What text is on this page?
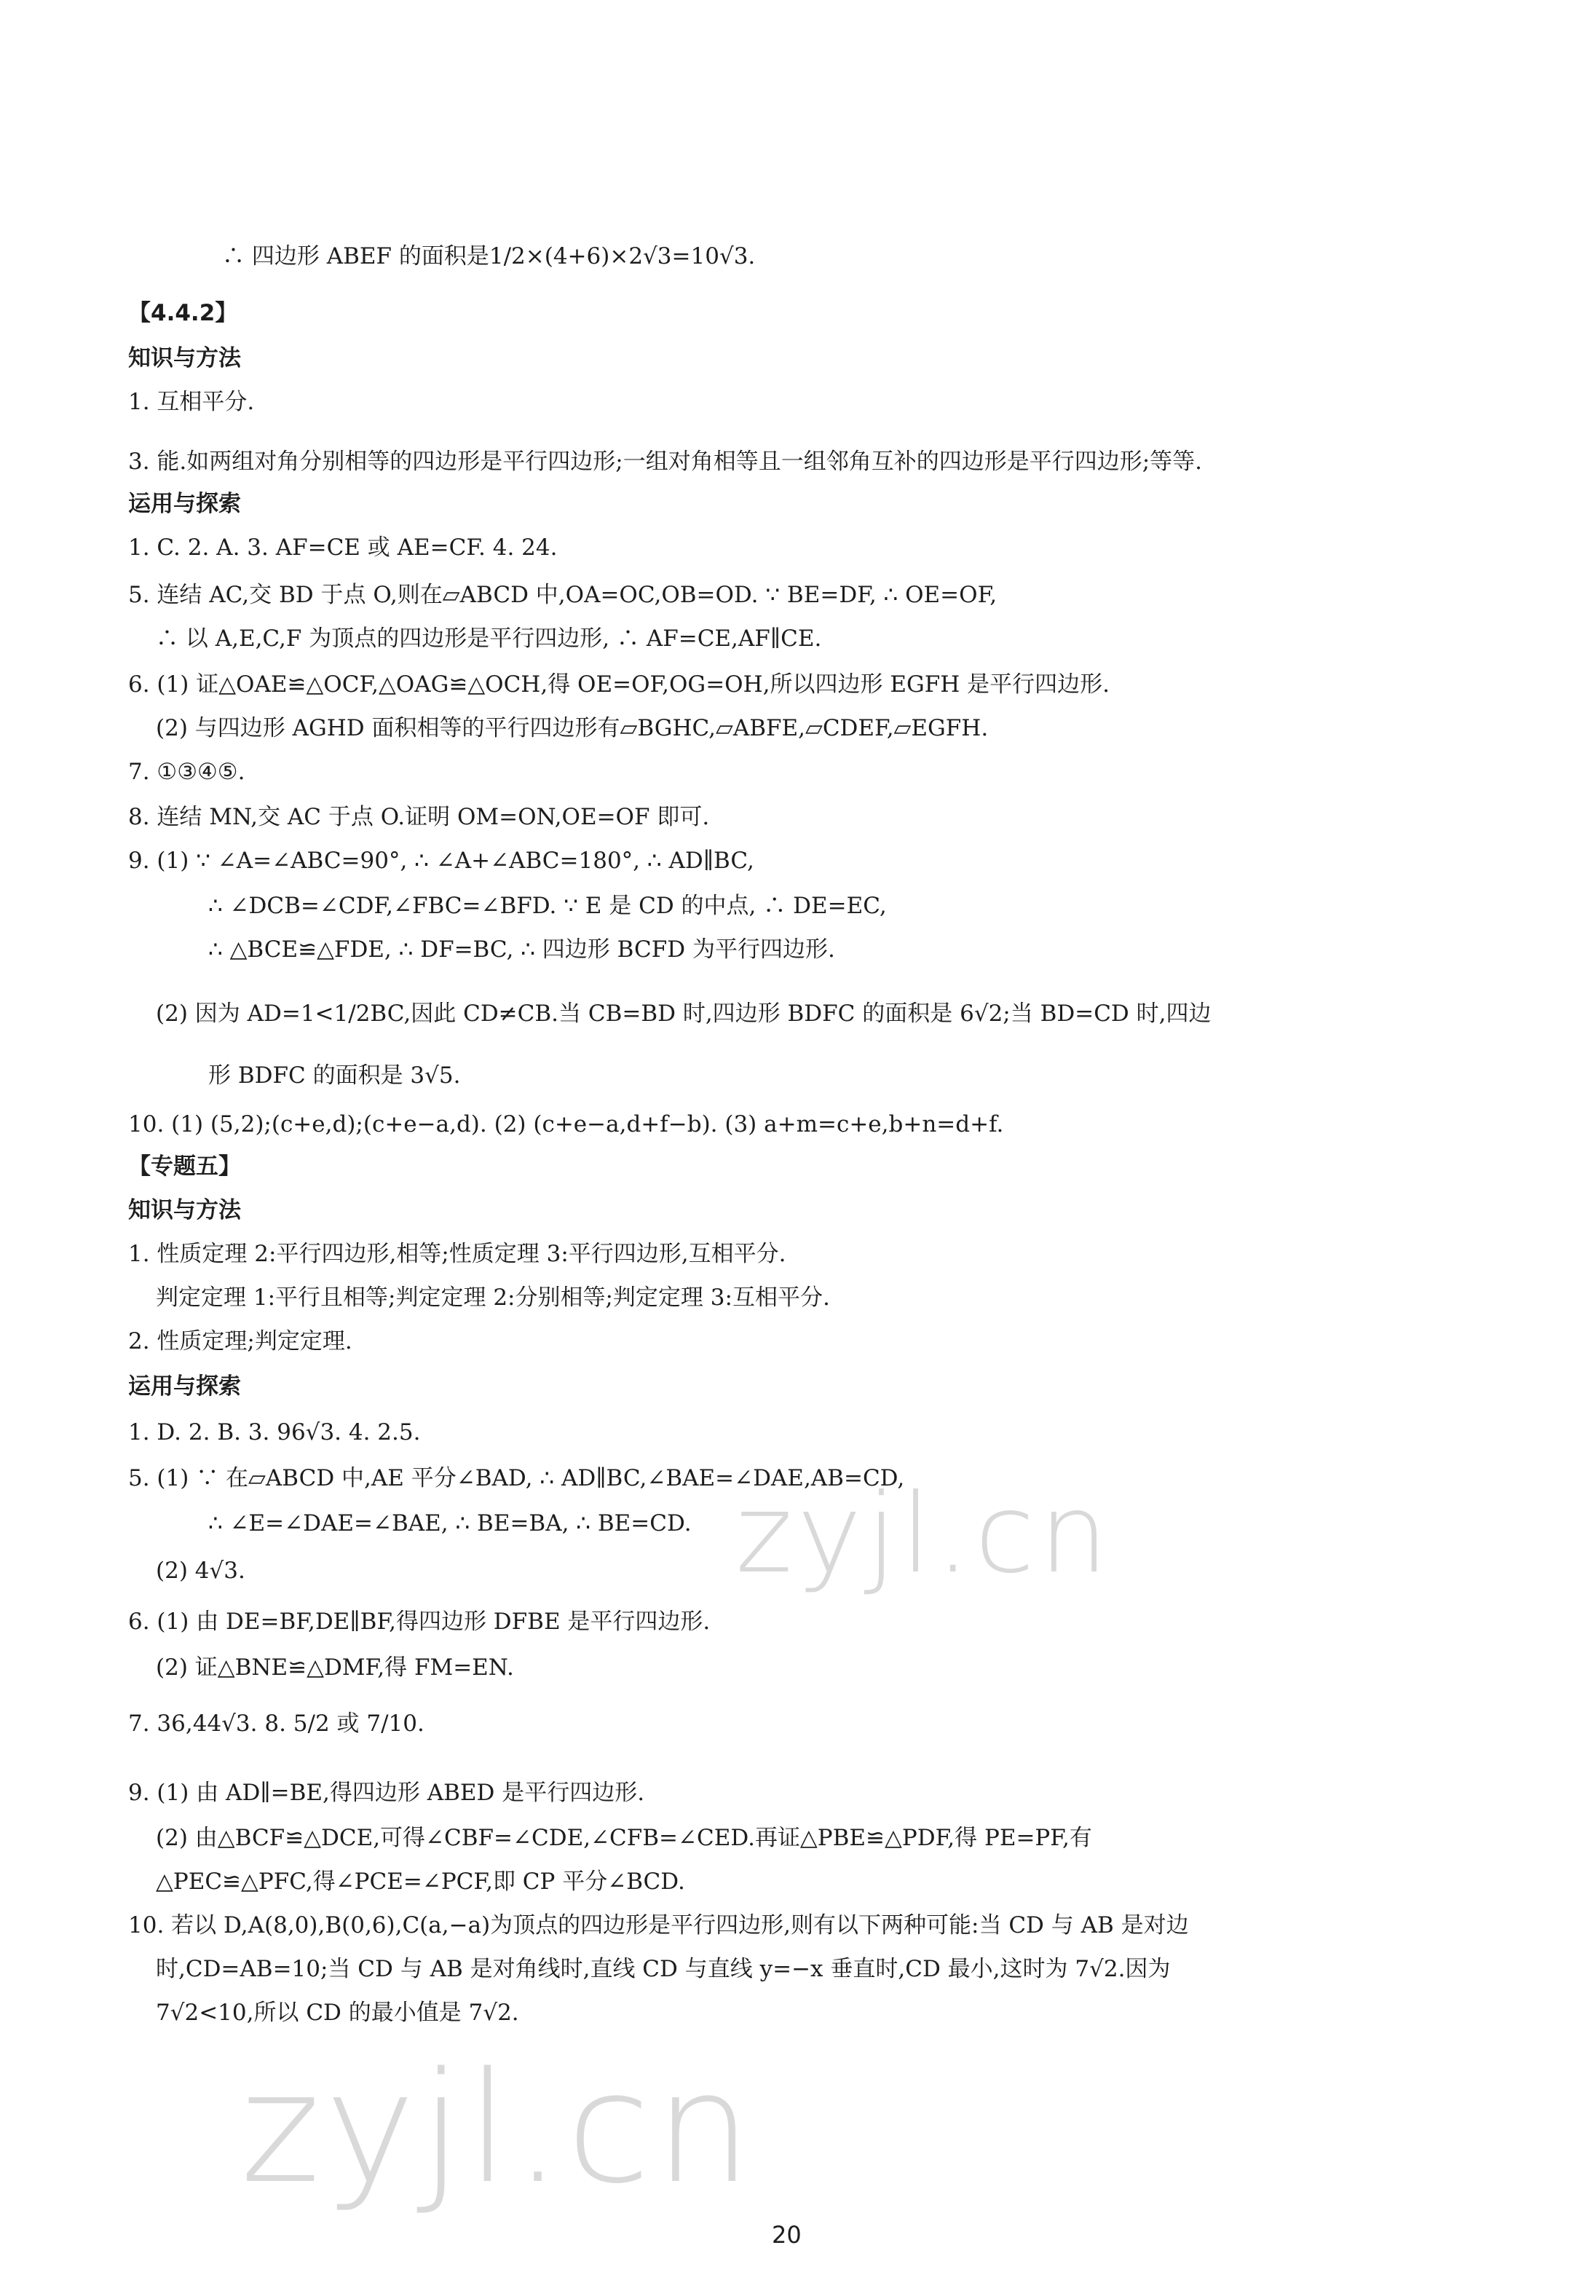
∴ 四边形 ABEF 的面积是1/2×(4+6)×2√3=10√3.
【4.4.2】
知识与方法
1. 互相平分.
3. 能.如两组对角分别相等的四边形是平行四边形;一组对角相等且一组邻角互补的四边形是平行四边形;等等.
运用与探索
1. C. 2. A. 3. AF=CE 或 AE=CF. 4. 24.
5. 连结 AC,交 BD 于点 O,则在▱ABCD 中,OA=OC,OB=OD. ∵ BE=DF, ∴ OE=OF,
∴ 以 A,E,C,F 为顶点的四边形是平行四边形, ∴ AF=CE,AF∥CE.
6. (1) 证△OAE≌△OCF,△OAG≌△OCH,得 OE=OF,OG=OH,所以四边形 EGFH 是平行四边形.
(2) 与四边形 AGHD 面积相等的平行四边形有▱BGHC,▱ABFE,▱CDEF,▱EGFH.
7. ①③④⑤.
8. 连结 MN,交 AC 于点 O.证明 OM=ON,OE=OF 即可.
9. (1) ∵ ∠A=∠ABC=90°, ∴ ∠A+∠ABC=180°, ∴ AD∥BC,
∴ ∠DCB=∠CDF,∠FBC=∠BFD. ∵ E 是 CD 的中点, ∴ DE=EC,
∴ △BCE≌△FDE, ∴ DF=BC, ∴ 四边形 BCFD 为平行四边形.
(2) 因为 AD=1<1/2BC,因此 CD≠CB.当 CB=BD 时,四边形 BDFC 的面积是 6√2;当 BD=CD 时,四边
形 BDFC 的面积是 3√5.
10. (1) (5,2);(c+e,d);(c+e−a,d). (2) (c+e−a,d+f−b). (3) a+m=c+e,b+n=d+f.
【专题五】
知识与方法
1. 性质定理 2:平行四边形,相等;性质定理 3:平行四边形,互相平分.
判定定理 1:平行且相等;判定定理 2:分别相等;判定定理 3:互相平分.
2. 性质定理;判定定理.
运用与探索
1. D. 2. B. 3. 96√3. 4. 2.5.
5. (1) ∵ 在▱ABCD 中,AE 平分∠BAD, ∴ AD∥BC,∠BAE=∠DAE,AB=CD,
∴ ∠E=∠DAE=∠BAE, ∴ BE=BA, ∴ BE=CD.
(2) 4√3.
6. (1) 由 DE=BF,DE∥BF,得四边形 DFBE 是平行四边形.
(2) 证△BNE≌△DMF,得 FM=EN.
7. 36,44√3. 8. 5/2 或 7/10.
9. (1) 由 AD∥=BE,得四边形 ABED 是平行四边形.
(2) 由△BCF≌△DCE,可得∠CBF=∠CDE,∠CFB=∠CED.再证△PBE≌△PDF,得 PE=PF,有
△PEC≌△PFC,得∠PCE=∠PCF,即 CP 平分∠BCD.
10. 若以 D,A(8,0),B(0,6),C(a,−a)为顶点的四边形是平行四边形,则有以下两种可能:当 CD 与 AB 是对边
时,CD=AB=10;当 CD 与 AB 是对角线时,直线 CD 与直线 y=−x 垂直时,CD 最小,这时为 7√2.因为
7√2<10,所以 CD 的最小值是 7√2.
zyjl.cn
zyjl.cn
20
